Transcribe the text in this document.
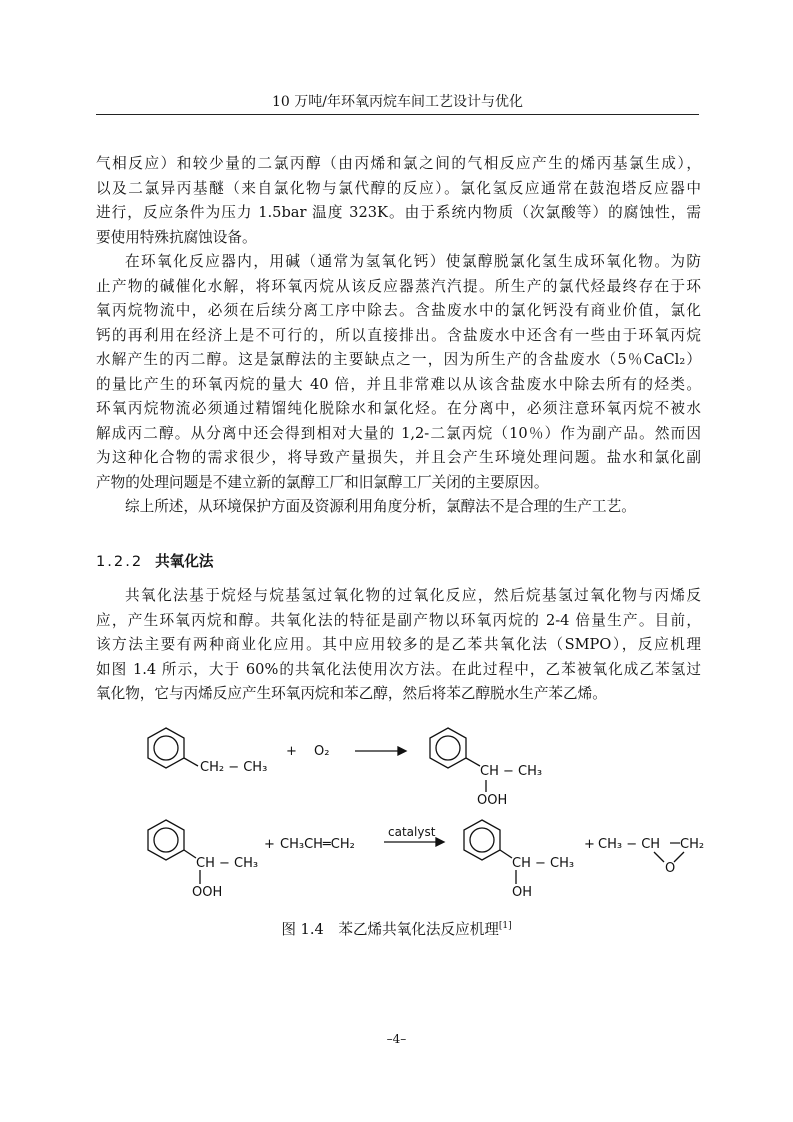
10 万吨/年环氧丙烷车间工艺设计与优化
气相反应）和较少量的二氯丙醇（由丙烯和氯之间的气相反应产生的烯丙基氯生成），
以及二氯异丙基醚（来自氯化物与氯代醇的反应）。氯化氢反应通常在鼓泡塔反应器中
进行，反应条件为压力 1.5bar 温度 323K。由于系统内物质（次氯酸等）的腐蚀性，需
要使用特殊抗腐蚀设备。
在环氧化反应器内，用碱（通常为氢氧化钙）使氯醇脱氯化氢生成环氧化物。为防
止产物的碱催化水解，将环氧丙烷从该反应器蒸汽汽提。所生产的氯代烃最终存在于环
氧丙烷物流中，必须在后续分离工序中除去。含盐废水中的氯化钙没有商业价值，氯化
钙的再利用在经济上是不可行的，所以直接排出。含盐废水中还含有一些由于环氧丙烷
水解产生的丙二醇。这是氯醇法的主要缺点之一，因为所生产的含盐废水（5％CaCl₂）
的量比产生的环氧丙烷的量大 40 倍，并且非常难以从该含盐废水中除去所有的烃类。
环氧丙烷物流必须通过精馏纯化脱除水和氯化烃。在分离中，必须注意环氧丙烷不被水
解成丙二醇。从分离中还会得到相对大量的 1,2-二氯丙烷（10％）作为副产品。然而因
为这种化合物的需求很少，将导致产量损失，并且会产生环境处理问题。盐水和氯化副
产物的处理问题是不建立新的氯醇工厂和旧氯醇工厂关闭的主要原因。
综上所述，从环境保护方面及资源利用角度分析，氯醇法不是合理的生产工艺。
1.2.2 共氧化法
共氧化法基于烷烃与烷基氢过氧化物的过氧化反应，然后烷基氢过氧化物与丙烯反
应，产生环氧丙烷和醇。共氧化法的特征是副产物以环氧丙烷的 2-4 倍量生产。目前，
该方法主要有两种商业化应用。其中应用较多的是乙苯共氧化法（SMPO），反应机理
如图 1.4 所示，大于 60%的共氧化法使用次方法。在此过程中，乙苯被氧化成乙苯氢过
氧化物，它与丙烯反应产生环氧丙烷和苯乙醇，然后将苯乙醇脱水生产苯乙烯。
CH₂ − CH₃
+ O₂
CH − CH₃
OOH
CH − CH₃
OOH
+ CH₃CH═CH₂
catalyst
CH − CH₃
OH
+ CH₃ − CH CH₂
O
图 1.4　苯乙烯共氧化法反应机理[1]
–4–
